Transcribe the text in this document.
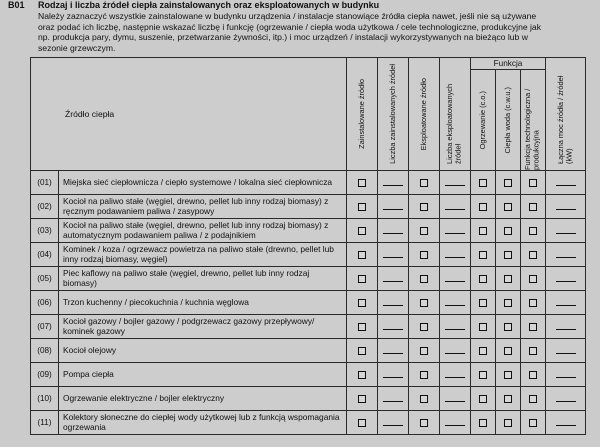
B01 Rodzaj i liczba źródeł ciepła zainstalowanych oraz eksploatowanych w budynku
Należy zaznaczyć wszystkie zainstalowane w budynku urządzenia / instalacje stanowiące źródła ciepła nawet, jeśli nie są używane
oraz podać ich liczbę, następnie wskazać liczbę i funkcję (ogrzewanie / ciepła woda użytkowa / cele technologiczne, produkcyjne jak
np. produkcja pary, dymu, suszenie, przetwarzanie żywności, itp.) i moc urządzeń / instalacji wykorzystywanych na bieżąco lub w
sezonie grzewczym.
Źródło ciepła		Zainstalowane źródło	Liczba zainstalowanych źródeł	Eksploatowane źródło	Liczba eksploatowanych źródeł	Funkcja			Łączna moc źródła / źródeł (kW)

						Ogrzewanie (c.o.)	Ciepła woda (c.w.u.)	Funkcja technologiczna / produkcyjna	

(01)	Miejska sieć ciepłownicza / ciepło systemowe / lokalna sieć ciepłownicza								
(02)	Kocioł na paliwo stałe (węgiel, drewno, pellet lub inny rodzaj biomasy) z ręcznym podawaniem paliwa / zasypowy								
(03)	Kocioł na paliwo stałe (węgiel, drewno, pellet lub inny rodzaj biomasy) z automatycznym podawaniem paliwa / z podajnikiem								
(04)	Kominek / koza / ogrzewacz powietrza na paliwo stałe (drewno, pellet lub inny rodzaj biomasy, węgiel)								
(05)	Piec kaflowy na paliwo stałe (węgiel, drewno, pellet lub inny rodzaj biomasy)								
(06)	Trzon kuchenny / piecokuchnia / kuchnia węglowa								
(07)	Kocioł gazowy / bojler gazowy / podgrzewacz gazowy przepływowy/ kominek gazowy								
(08)	Kocioł olejowy								
(09)	Pompa ciepła								
(10)	Ogrzewanie elektryczne / bojler elektryczny								
(11)	Kolektory słoneczne do ciepłej wody użytkowej lub z funkcją wspomagania ogrzewania								
